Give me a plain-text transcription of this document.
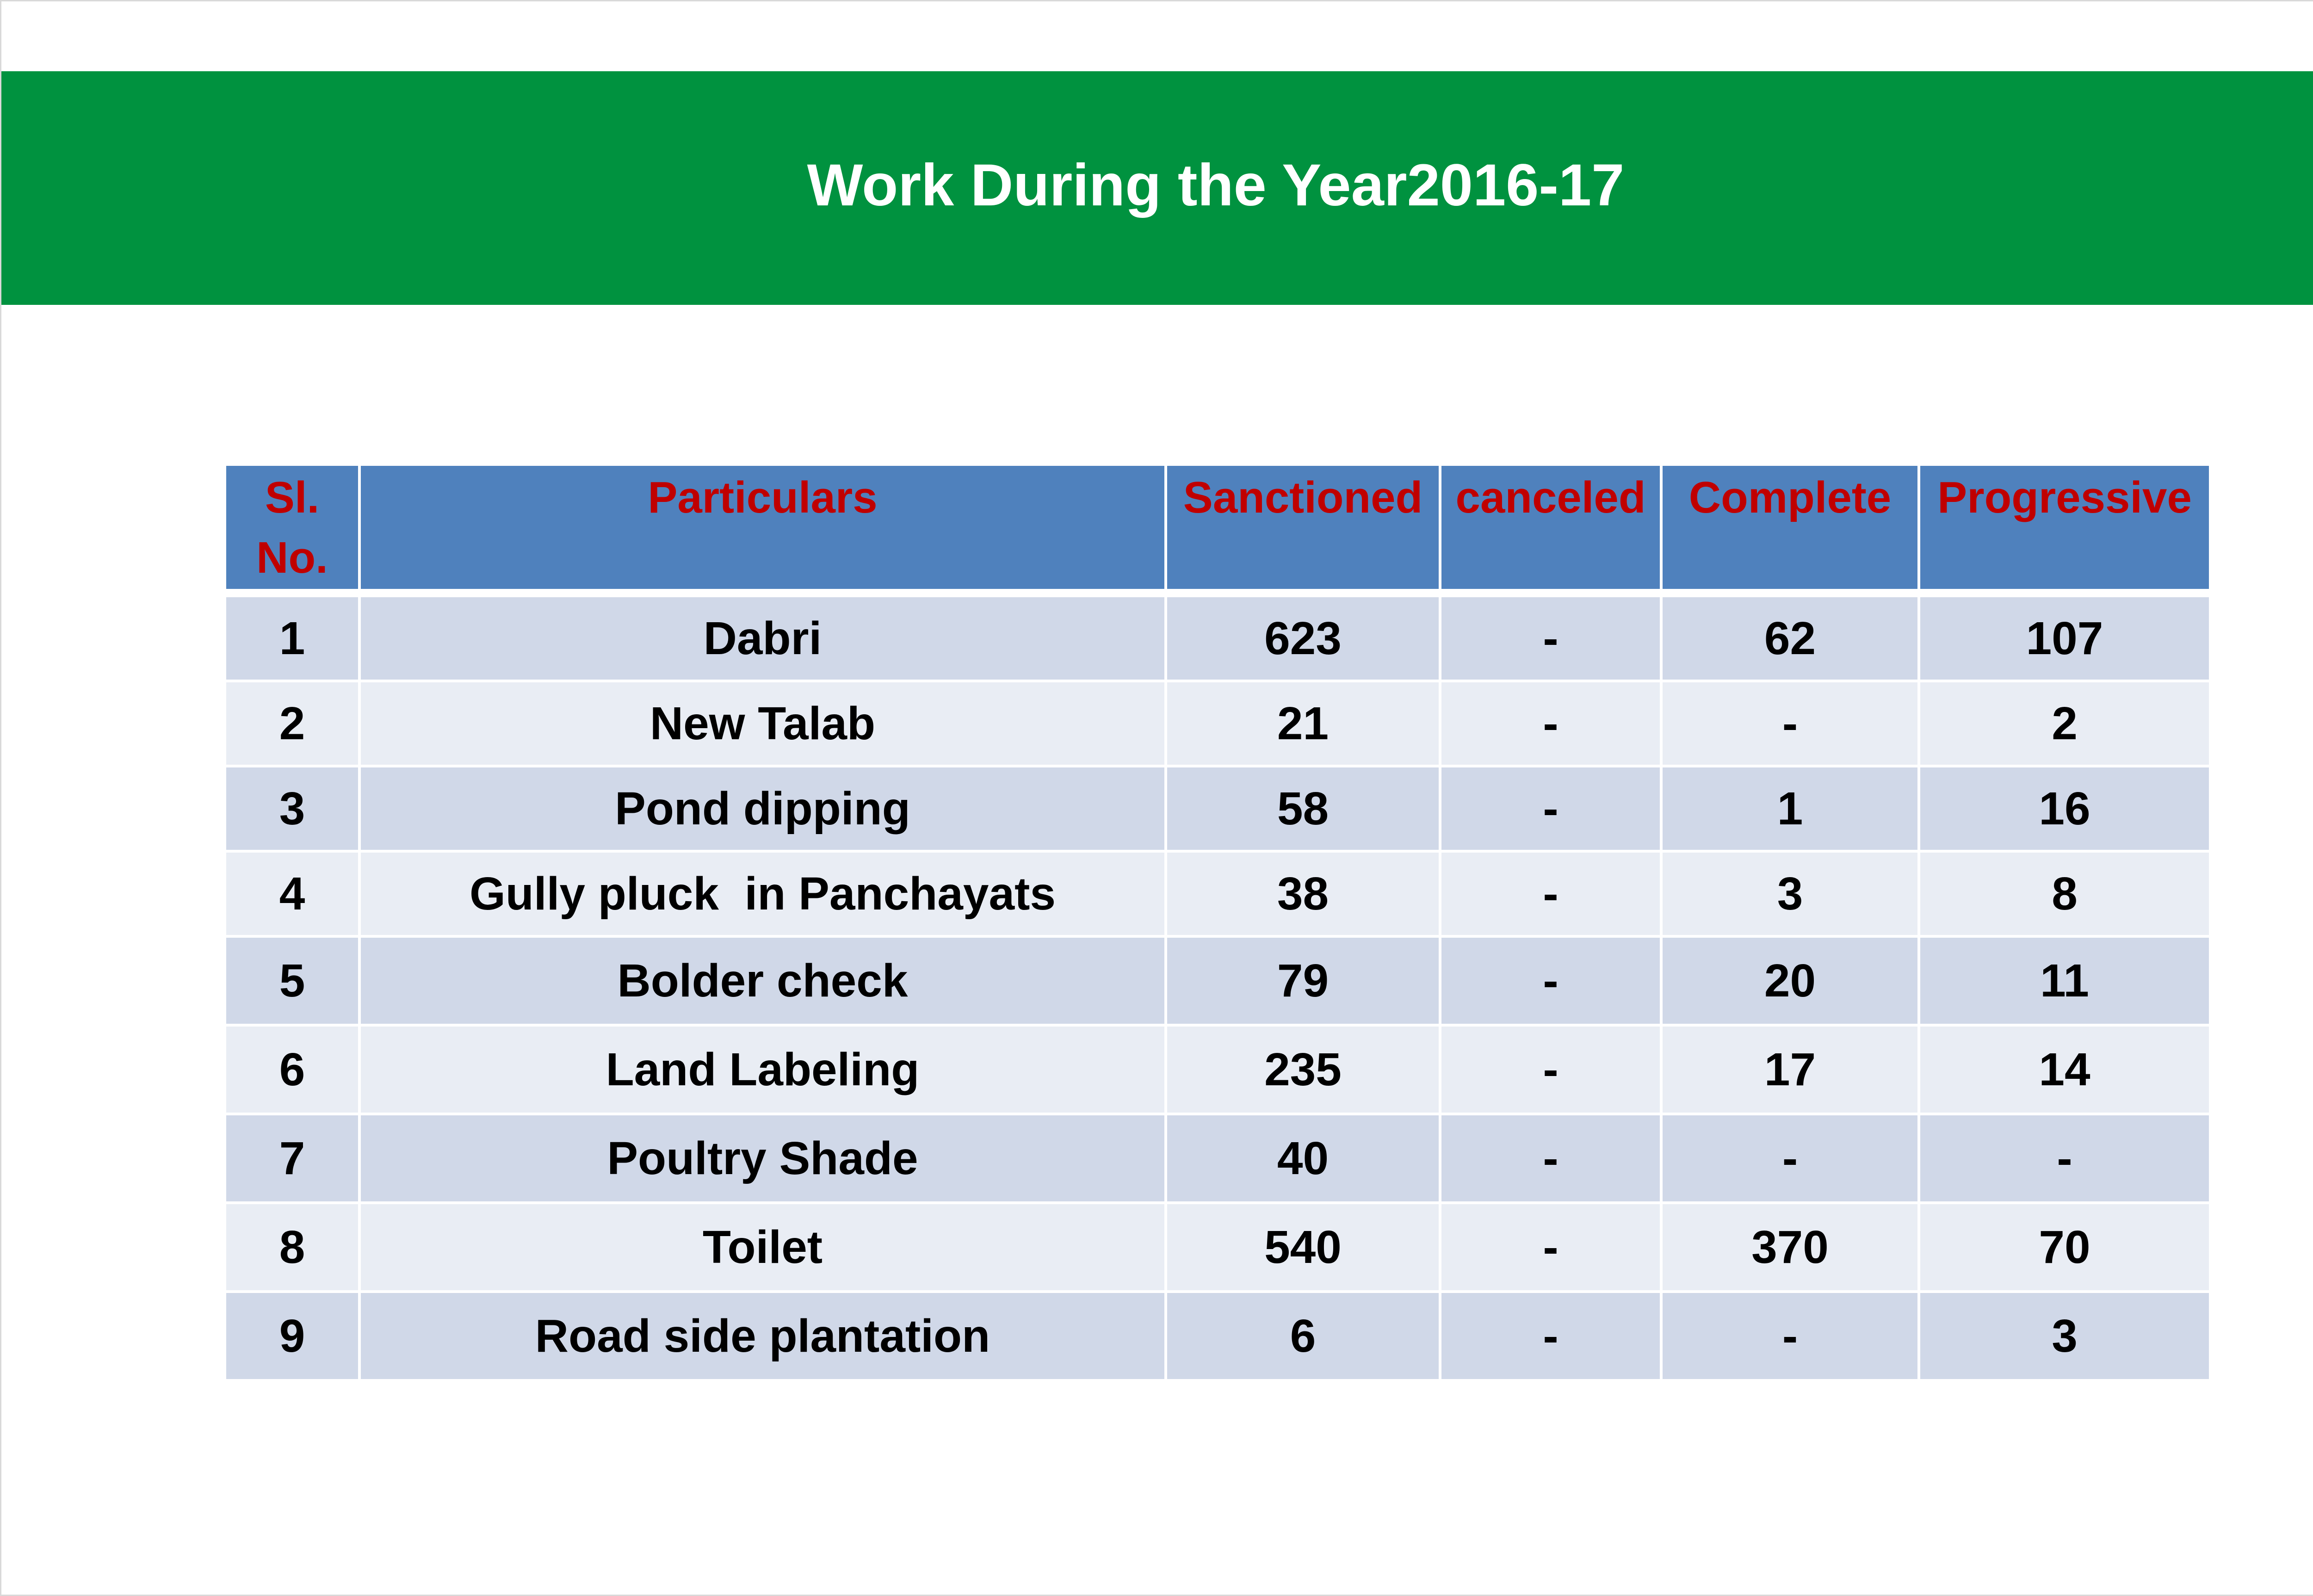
Work During the Year2016-17
Sl.
No.	Particulars	Sanctioned	canceled	Complete	Progressive
1	Dabri	623	-	62	107
2	New Talab	21	-	-	2
3	Pond dipping	58	-	1	16
4	Gully pluck  in Panchayats	38	-	3	8
5	Bolder check	79	-	20	11
6	Land Labeling	235	-	17	14
7	Poultry Shade	40	-	-	-
8	Toilet	540	-	370	70
9	Road side plantation	6	-	-	3
